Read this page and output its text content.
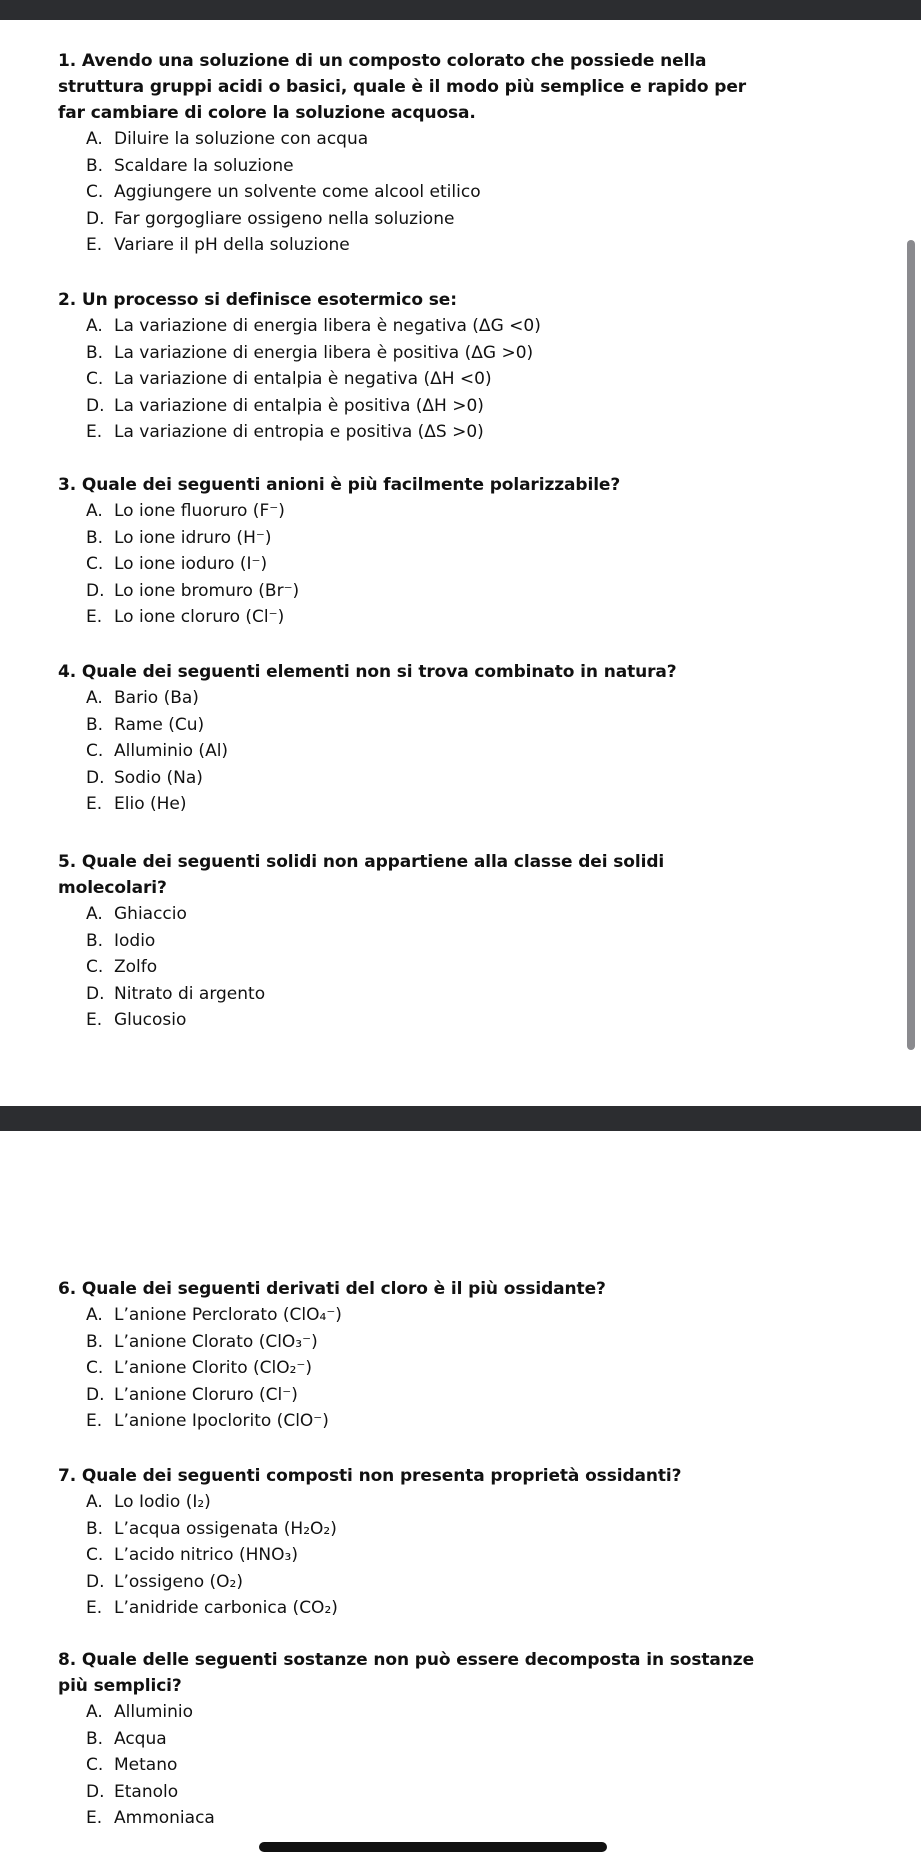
1. Avendo una soluzione di un composto colorato che possiede nella struttura gruppi acidi o basici, quale è il modo più semplice e rapido per far cambiare di colore la soluzione acquosa.

A. Diluire la soluzione con acqua
B. Scaldare la soluzione
C. Aggiungere un solvente come alcool etilico
D. Far gorgogliare ossigeno nella soluzione
E. Variare il pH della soluzione

2. Un processo si definisce esotermico se:

A. La variazione di energia libera è negativa (ΔG <0)
B. La variazione di energia libera è positiva (ΔG >0)
C. La variazione di entalpia è negativa (ΔH <0)
D. La variazione di entalpia è positiva (ΔH >0)
E. La variazione di entropia e positiva (ΔS >0)

3. Quale dei seguenti anioni è più facilmente polarizzabile?

A. Lo ione fluoruro (F⁻)
B. Lo ione idruro (H⁻)
C. Lo ione ioduro (I⁻)
D. Lo ione bromuro (Br⁻)
E. Lo ione cloruro (Cl⁻)

4. Quale dei seguenti elementi non si trova combinato in natura?

A. Bario (Ba)
B. Rame (Cu)
C. Alluminio (Al)
D. Sodio (Na)
E. Elio (He)

5. Quale dei seguenti solidi non appartiene alla classe dei solidi molecolari?

A. Ghiaccio
B. Iodio
C. Zolfo
D. Nitrato di argento
E. Glucosio

6. Quale dei seguenti derivati del cloro è il più ossidante?

A. L’anione Perclorato (ClO₄⁻)
B. L’anione Clorato (ClO₃⁻)
C. L’anione Clorito (ClO₂⁻)
D. L’anione Cloruro (Cl⁻)
E. L’anione Ipoclorito (ClO⁻)

7. Quale dei seguenti composti non presenta proprietà ossidanti?

A. Lo Iodio (I₂)
B. L’acqua ossigenata (H₂O₂)
C. L’acido nitrico (HNO₃)
D. L’ossigeno (O₂)
E. L’anidride carbonica (CO₂)

8. Quale delle seguenti sostanze non può essere decomposta in sostanze più semplici?

A. Alluminio
B. Acqua
C. Metano
D. Etanolo
E. Ammoniaca
